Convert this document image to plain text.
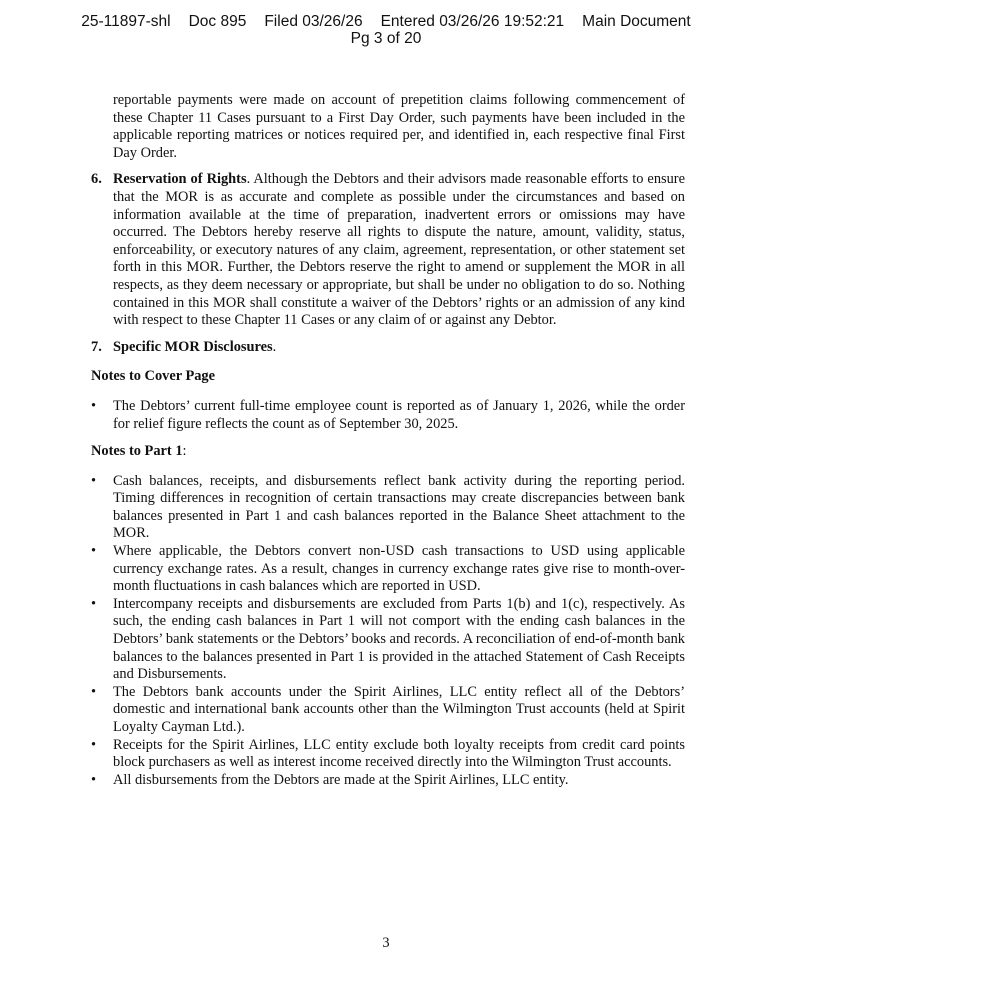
25-11897-shl Doc 895 Filed 03/26/26 Entered 03/26/26 19:52:21 Main Document
Pg 3 of 20

reportable payments were made on account of prepetition claims following commencement of these Chapter 11 Cases pursuant to a First Day Order, such payments have been included in the applicable reporting matrices or notices required per, and identified in, each respective final First Day Order.

6. Reservation of Rights. Although the Debtors and their advisors made reasonable efforts to ensure that the MOR is as accurate and complete as possible under the circumstances and based on information available at the time of preparation, inadvertent errors or omissions may have occurred. The Debtors hereby reserve all rights to dispute the nature, amount, validity, status, enforceability, or executory natures of any claim, agreement, representation, or other statement set forth in this MOR. Further, the Debtors reserve the right to amend or supplement the MOR in all respects, as they deem necessary or appropriate, but shall be under no obligation to do so. Nothing contained in this MOR shall constitute a waiver of the Debtors’ rights or an admission of any kind with respect to these Chapter 11 Cases or any claim of or against any Debtor.
7. Specific MOR Disclosures.
Notes to Cover Page
• The Debtors’ current full-time employee count is reported as of January 1, 2026, while the order for relief figure reflects the count as of September 30, 2025.
Notes to Part 1:
• Cash balances, receipts, and disbursements reflect bank activity during the reporting period. Timing differences in recognition of certain transactions may create discrepancies between bank balances presented in Part 1 and cash balances reported in the Balance Sheet attachment to the MOR.
• Where applicable, the Debtors convert non-USD cash transactions to USD using applicable currency exchange rates. As a result, changes in currency exchange rates give rise to month-over-month fluctuations in cash balances which are reported in USD.
• Intercompany receipts and disbursements are excluded from Parts 1(b) and 1(c), respectively. As such, the ending cash balances in Part 1 will not comport with the ending cash balances in the Debtors’ bank statements or the Debtors’ books and records. A reconciliation of end-of-month bank balances to the balances presented in Part 1 is provided in the attached Statement of Cash Receipts and Disbursements.
• The Debtors bank accounts under the Spirit Airlines, LLC entity reflect all of the Debtors’ domestic and international bank accounts other than the Wilmington Trust accounts (held at Spirit Loyalty Cayman Ltd.).
• Receipts for the Spirit Airlines, LLC entity exclude both loyalty receipts from credit card points block purchasers as well as interest income received directly into the Wilmington Trust accounts.
• All disbursements from the Debtors are made at the Spirit Airlines, LLC entity.
3
